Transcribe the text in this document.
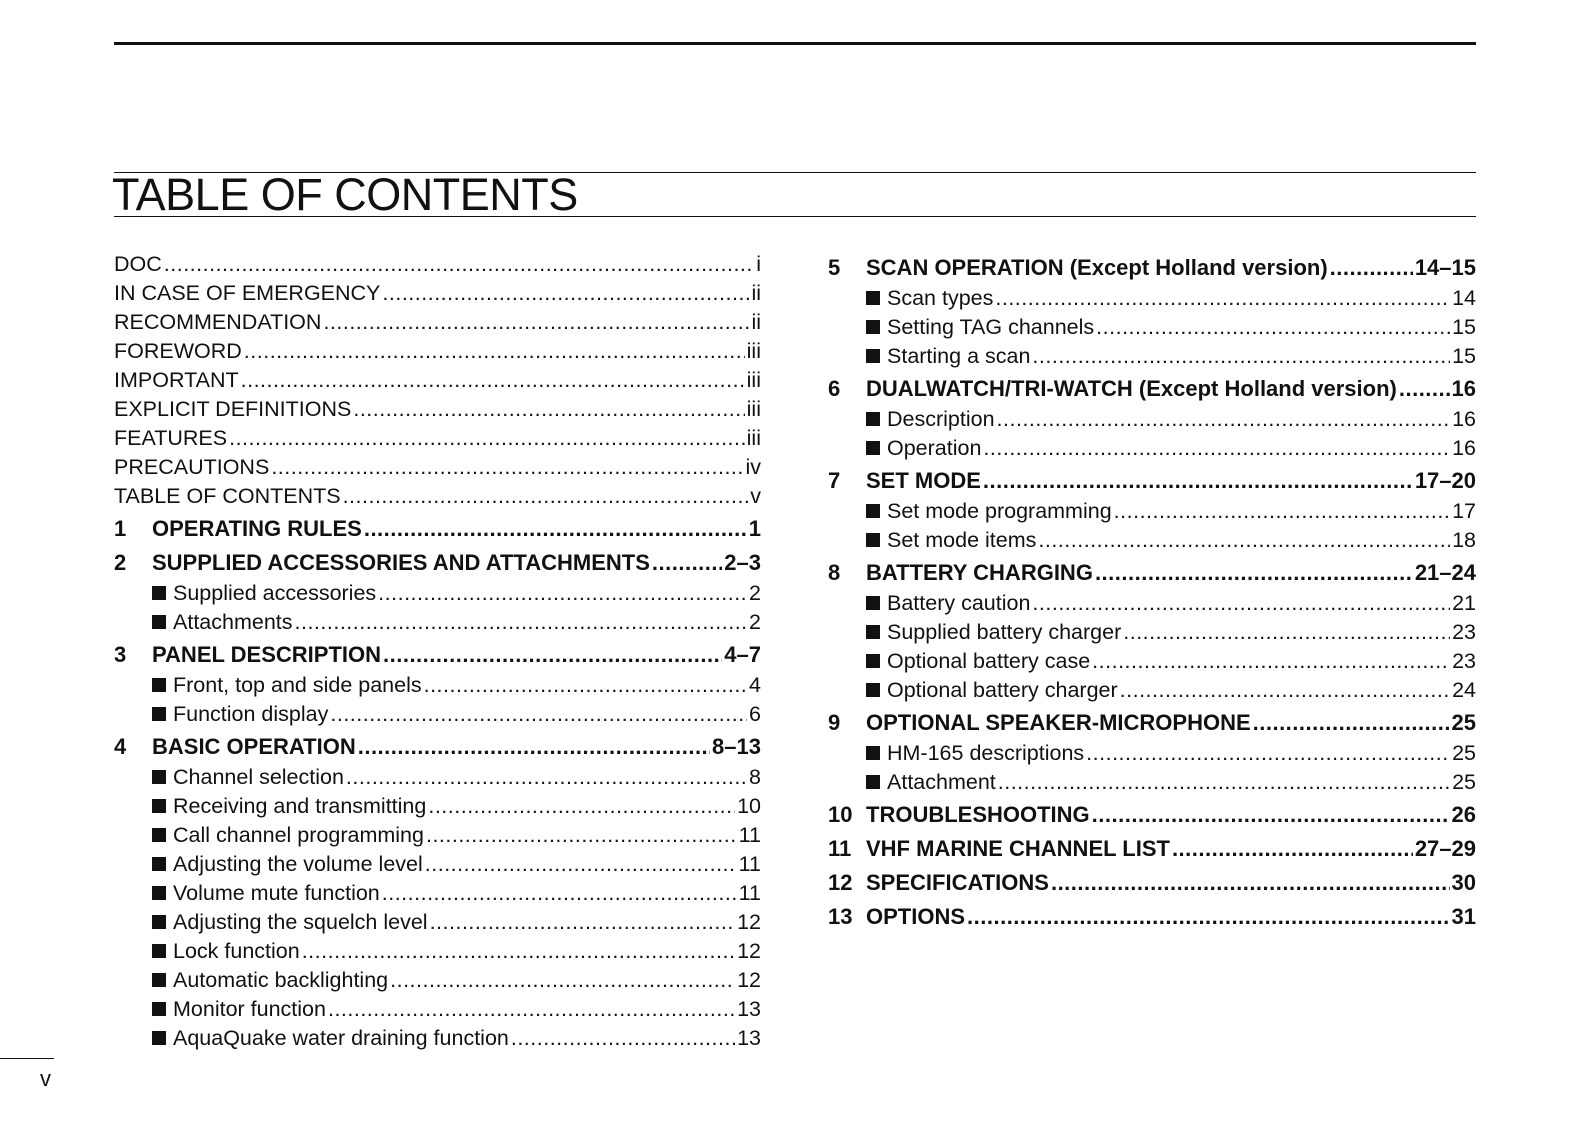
TABLE OF CONTENTS
DOC .....	i
IN CASE OF EMERGENCY .....	ii
RECOMMENDATION .....	ii
FOREWORD .....	iii
IMPORTANT .....	iii
EXPLICIT DEFINITIONS .....	iii
FEATURES .....	iii
PRECAUTIONS .....	iv
TABLE OF CONTENTS .....	v
1	OPERATING RULES .....	1
2	SUPPLIED ACCESSORIES AND ATTACHMENTS .....	2–3
Supplied accessories .....	2
Attachments .....	2
3	PANEL DESCRIPTION .....	4–7
Front, top and side panels .....	4
Function display .....	6
4	BASIC OPERATION .....	8–13
Channel selection .....	8
Receiving and transmitting .....	10
Call channel programming .....	11
Adjusting the volume level .....	11
Volume mute function .....	11
Adjusting the squelch level .....	12
Lock function .....	12
Automatic backlighting .....	12
Monitor function .....	13
AquaQuake water draining function .....	13
5	SCAN OPERATION (Except Holland version) .....	14–15
Scan types .....	14
Setting TAG channels .....	15
Starting a scan .....	15
6	DUALWATCH/TRI-WATCH (Except Holland version) ..... 16
Description .....	16
Operation .....	16
7	SET MODE .....	17–20
Set mode programming .....	17
Set mode items .....	18
8	BATTERY CHARGING .....	21–24
Battery caution .....	21
Supplied battery charger .....	23
Optional battery case .....	23
Optional battery charger .....	24
9	OPTIONAL SPEAKER-MICROPHONE .....	25
HM-165 descriptions .....	25
Attachment .....	25
10 TROUBLESHOOTING .....	26
11 VHF MARINE CHANNEL LIST .....	27–29
12 SPECIFICATIONS .....	30
13 OPTIONS .....	31
v
